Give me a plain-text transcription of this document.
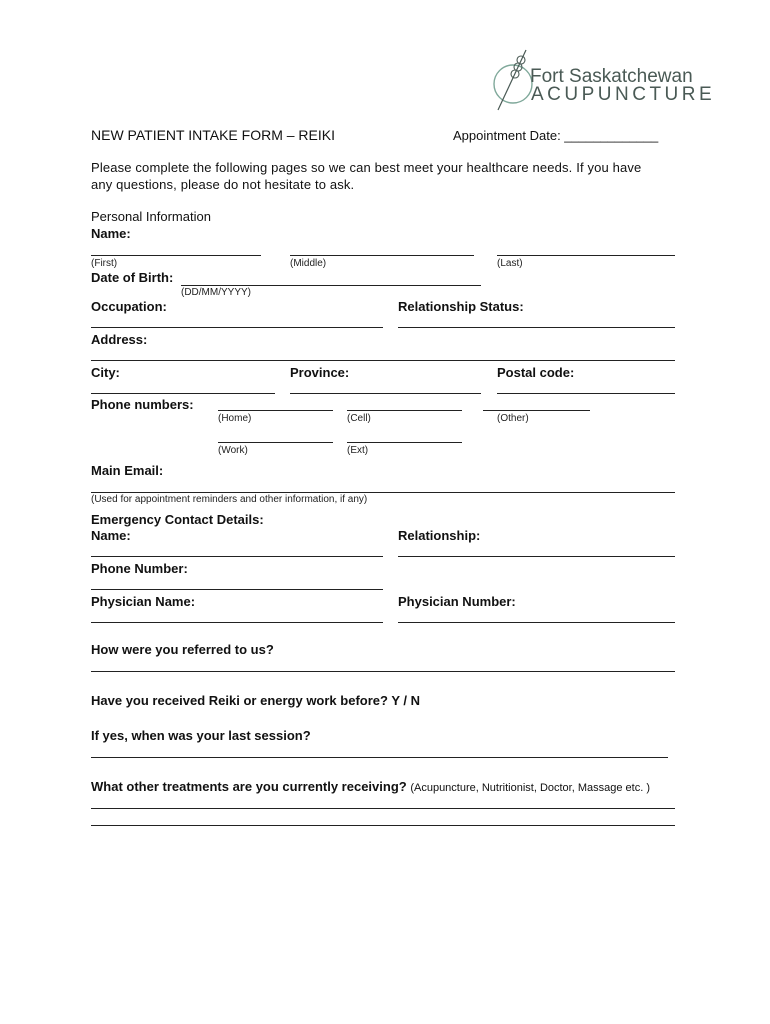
Fort Saskatchewan
ACUPUNCTURE
NEW PATIENT INTAKE FORM – REIKI	Appointment Date: _____________
Please complete the following pages so we can best meet your healthcare needs. If you have
any questions, please do not hesitate to ask.
Personal Information
Name:
(First)	(Middle)	(Last)
Date of Birth:
(DD/MM/YYYY)
Occupation:	Relationship Status:
Address:
City:	Province:	Postal code:
Phone numbers:
(Home)	(Cell)	(Other)
(Work)	(Ext)
Main Email:
(Used for appointment reminders and other information, if any)
Emergency Contact Details:
Name:	Relationship:
Phone Number:
Physician Name:	Physician Number:
How were you referred to us?
Have you received Reiki or energy work before? Y / N
If yes, when was your last session?
What other treatments are you currently receiving? (Acupuncture, Nutritionist, Doctor, Massage etc. )
